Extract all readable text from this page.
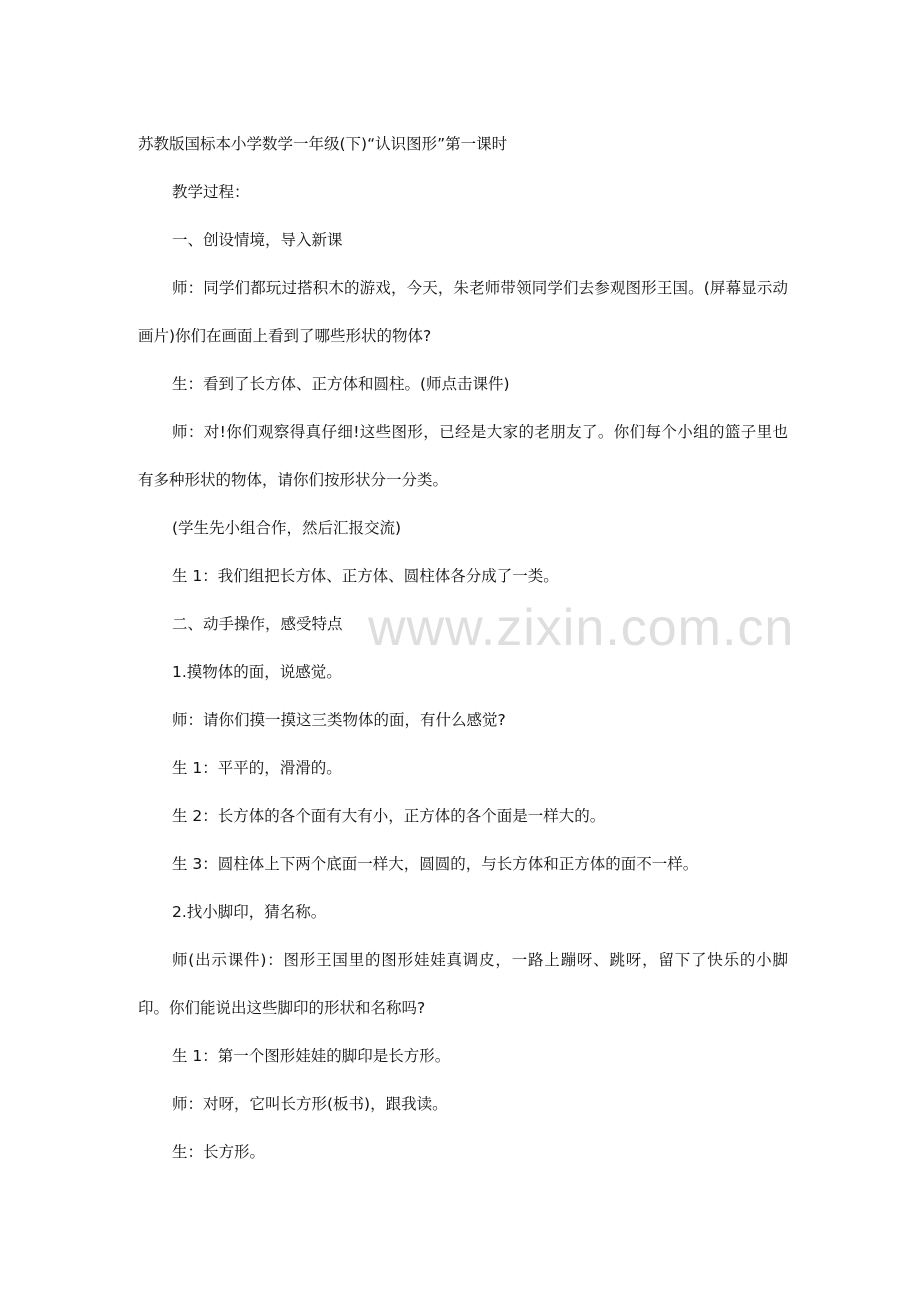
苏教版国标本小学数学一年级(下)“认识图形”第一课时

教学过程：

一、创设情境，导入新课

师：同学们都玩过搭积木的游戏，今天，朱老师带领同学们去参观图形王国。(屏幕显示动画片)你们在画面上看到了哪些形状的物体?

生：看到了长方体、正方体和圆柱。(师点击课件)

师：对!你们观察得真仔细!这些图形，已经是大家的老朋友了。你们每个小组的篮子里也有多种形状的物体，请你们按形状分一分类。

(学生先小组合作，然后汇报交流)

生 1：我们组把长方体、正方体、圆柱体各分成了一类。

二、动手操作，感受特点

1.摸物体的面，说感觉。

师：请你们摸一摸这三类物体的面，有什么感觉?

生 1：平平的，滑滑的。

生 2：长方体的各个面有大有小，正方体的各个面是一样大的。

生 3：圆柱体上下两个底面一样大，圆圆的，与长方体和正方体的面不一样。

2.找小脚印，猜名称。

师(出示课件)：图形王国里的图形娃娃真调皮，一路上蹦呀、跳呀，留下了快乐的小脚印。你们能说出这些脚印的形状和名称吗?

生 1：第一个图形娃娃的脚印是长方形。

师：对呀，它叫长方形(板书)，跟我读。

生：长方形。

www.zixin.com.cn
